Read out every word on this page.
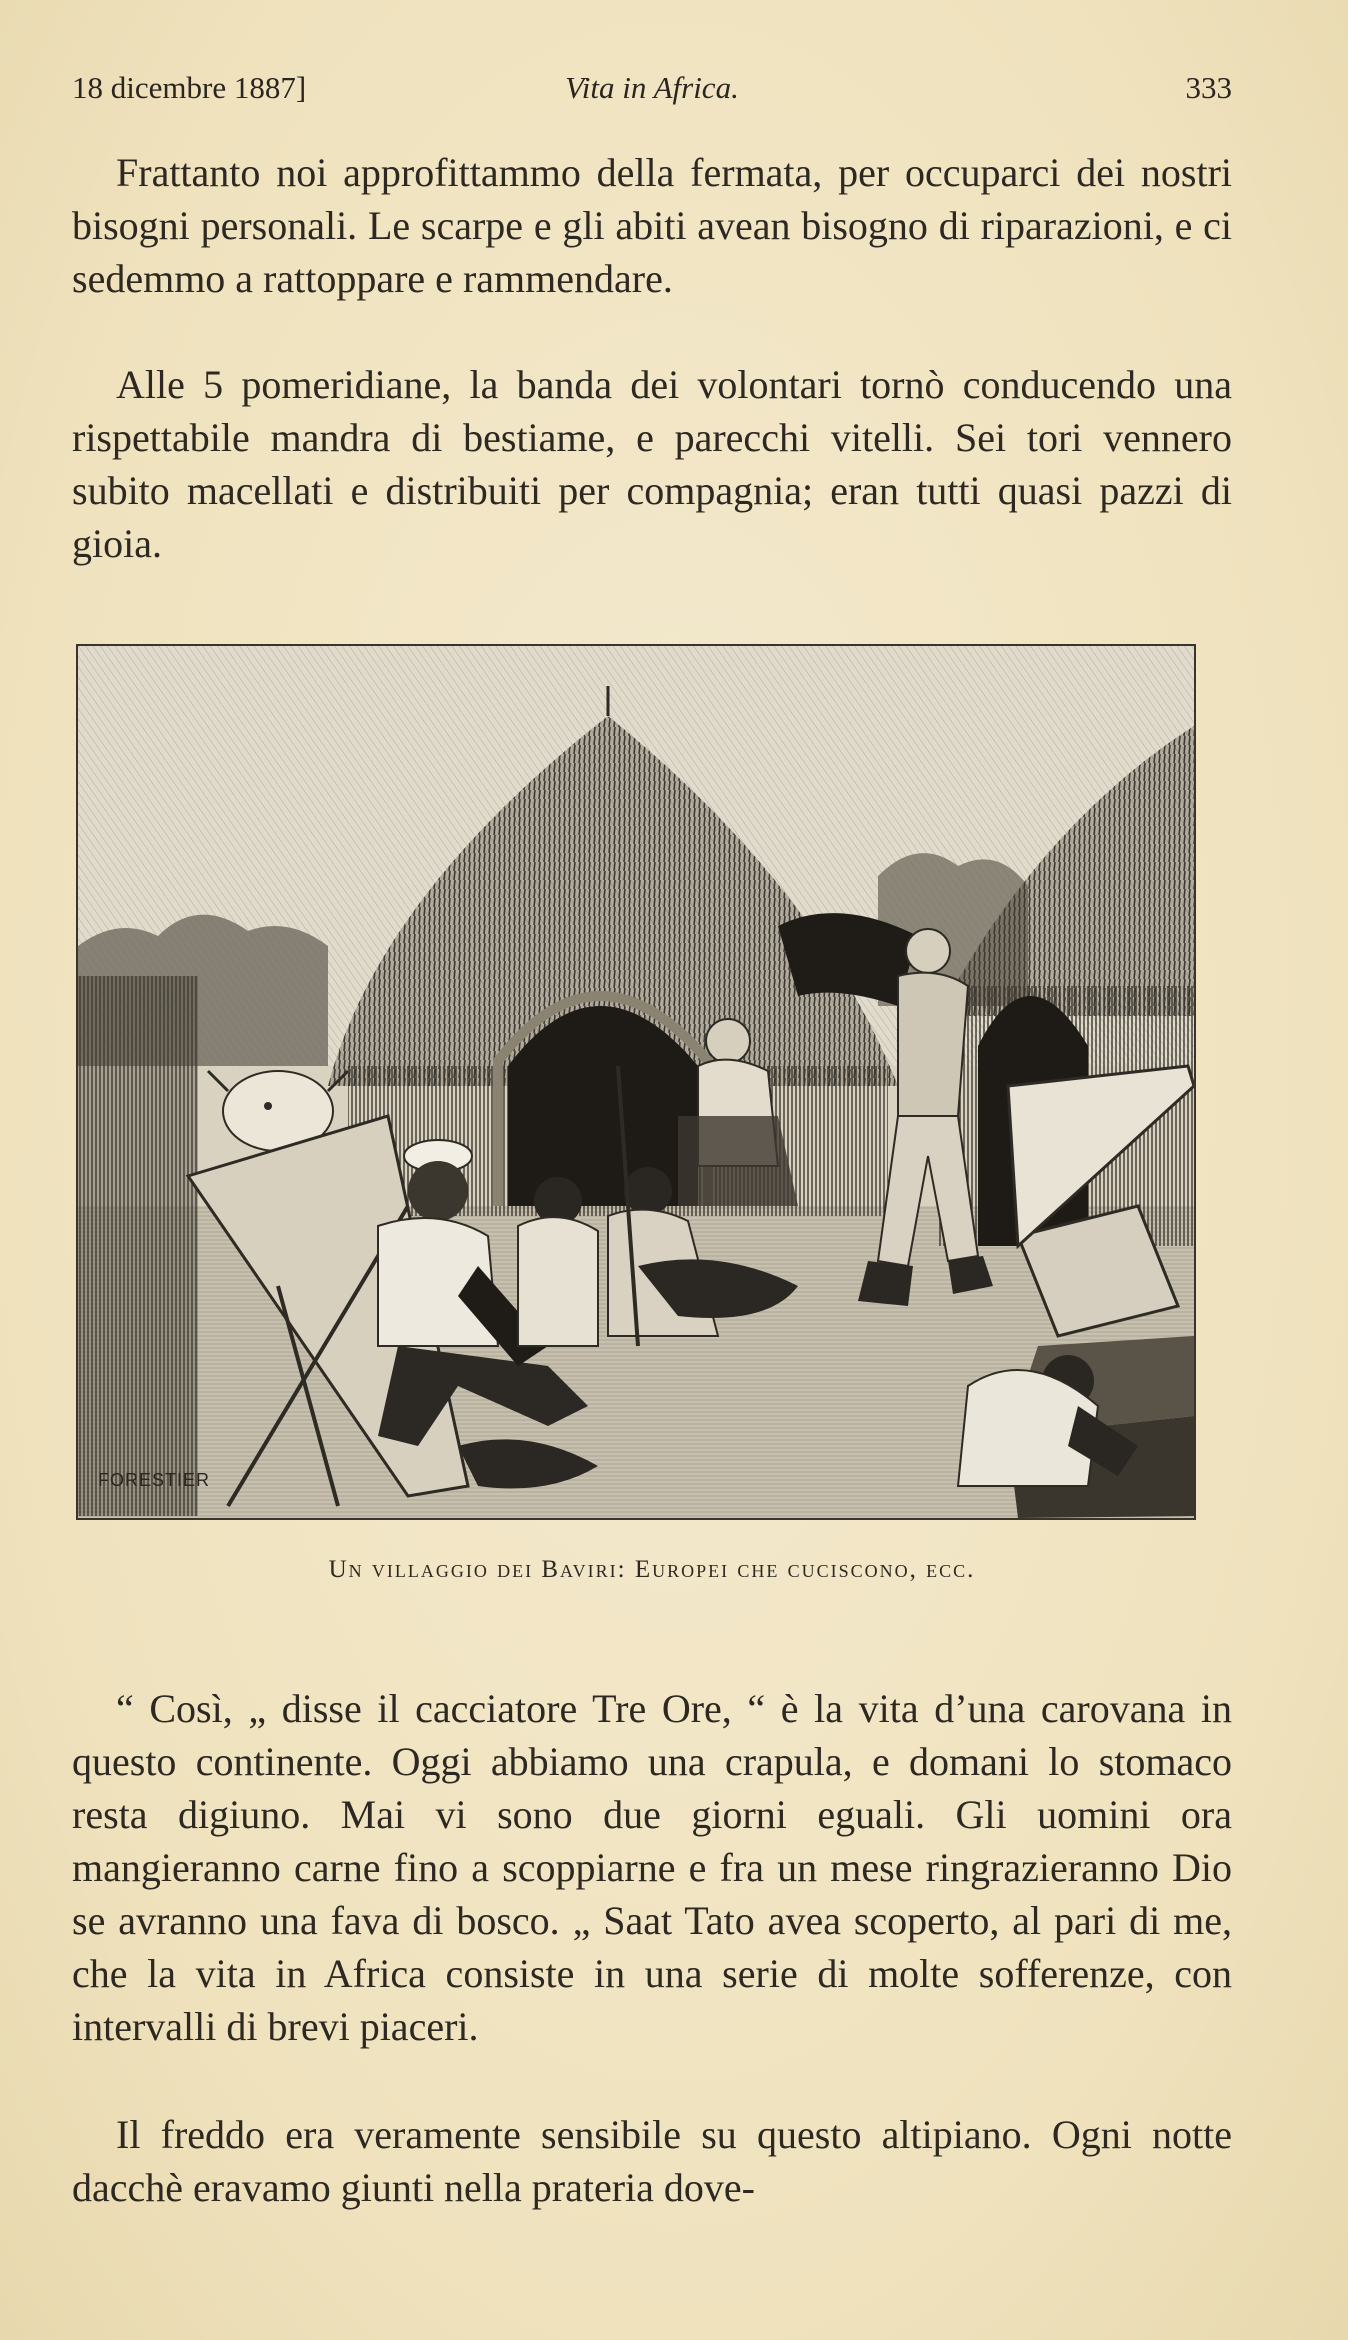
18 dicembre 1887]	Vita in Africa.	333

Frattanto noi approfittammo della fermata, per occuparci dei nostri bisogni personali. Le scarpe e gli abiti avean bisogno di riparazioni, e ci sedemmo a rattoppare e rammendare.

Alle 5 pomeridiane, la banda dei volontari tornò conducendo una rispettabile mandra di bestiame, e parecchi vitelli. Sei tori vennero subito macellati e distribuiti per compagnia; eran tutti quasi pazzi di gioia.

FORESTIER
Un villaggio dei Baviri: Europei che cuciscono, ecc.

“ Così, „ disse il cacciatore Tre Ore, “ è la vita d’una carovana in questo continente. Oggi abbiamo una crapula, e domani lo stomaco resta digiuno. Mai vi sono due giorni eguali. Gli uomini ora mangieranno carne fino a scoppiarne e fra un mese ringrazieranno Dio se avranno una fava di bosco. „ Saat Tato avea scoperto, al pari di me, che la vita in Africa consiste in una serie di molte sofferenze, con intervalli di brevi piaceri.

Il freddo era veramente sensibile su questo altipiano. Ogni notte dacchè eravamo giunti nella prateria dove-
